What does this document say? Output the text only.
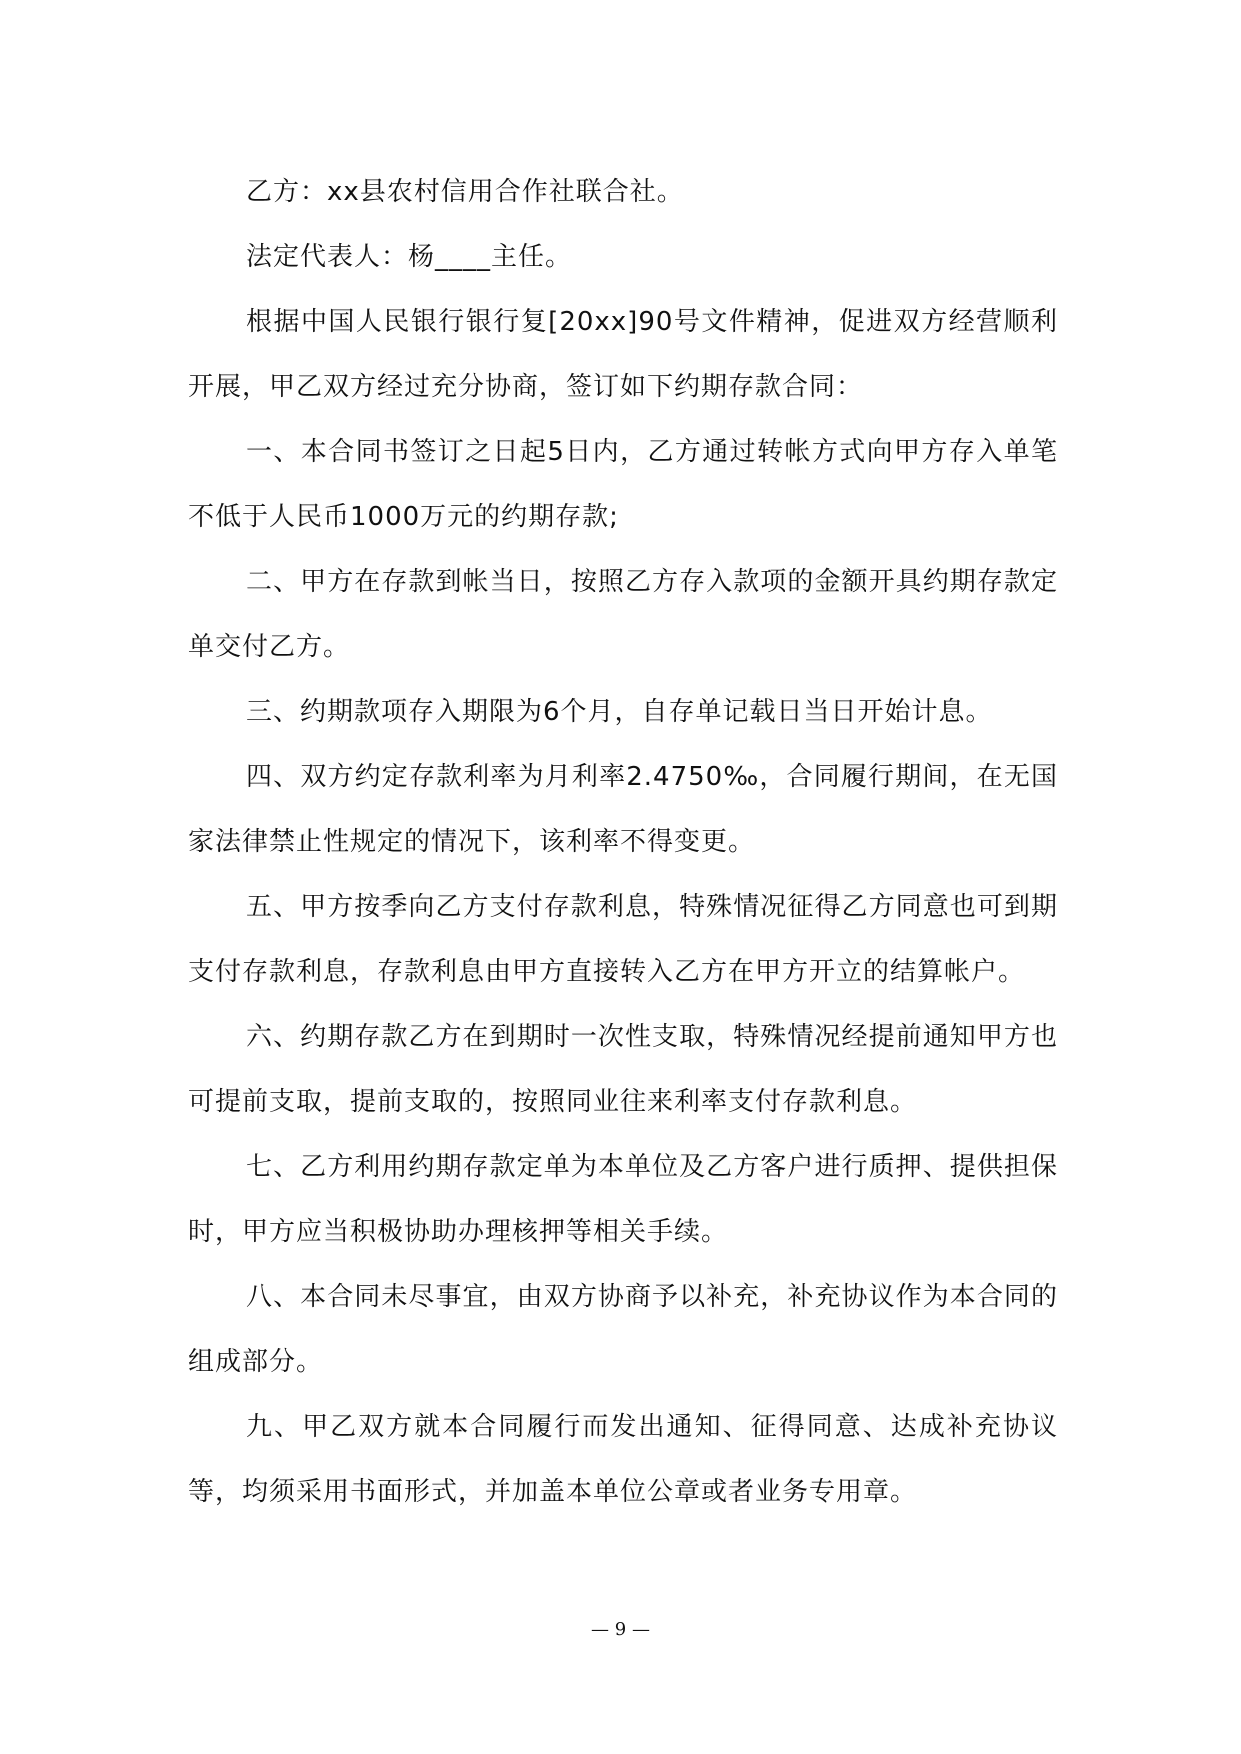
乙方：xx县农村信用合作社联合社。

法定代表人：杨____主任。

根据中国人民银行银行复[20xx]90号文件精神，促进双方经营顺利开展，甲乙双方经过充分协商，签订如下约期存款合同：

一、本合同书签订之日起5日内，乙方通过转帐方式向甲方存入单笔不低于人民币1000万元的约期存款;

二、甲方在存款到帐当日，按照乙方存入款项的金额开具约期存款定单交付乙方。

三、约期款项存入期限为6个月，自存单记载日当日开始计息。

四、双方约定存款利率为月利率2.4750‰，合同履行期间，在无国家法律禁止性规定的情况下，该利率不得变更。

五、甲方按季向乙方支付存款利息，特殊情况征得乙方同意也可到期支付存款利息，存款利息由甲方直接转入乙方在甲方开立的结算帐户。

六、约期存款乙方在到期时一次性支取，特殊情况经提前通知甲方也可提前支取，提前支取的，按照同业往来利率支付存款利息。

七、乙方利用约期存款定单为本单位及乙方客户进行质押、提供担保时，甲方应当积极协助办理核押等相关手续。

八、本合同未尽事宜，由双方协商予以补充，补充协议作为本合同的组成部分。

九、甲乙双方就本合同履行而发出通知、征得同意、达成补充协议等，均须采用书面形式，并加盖本单位公章或者业务专用章。

— 9 —
